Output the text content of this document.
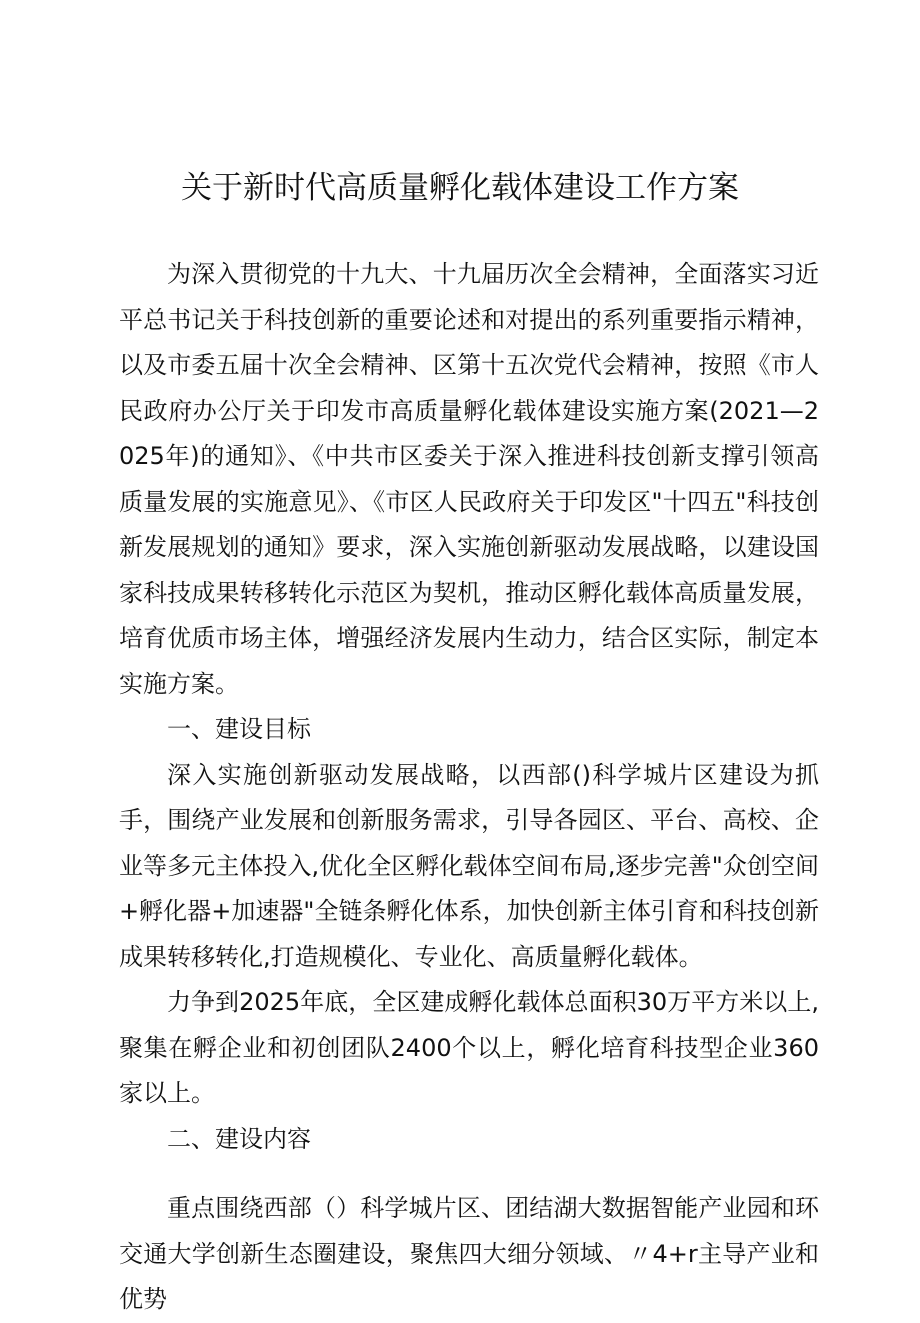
关于新时代高质量孵化载体建设工作方案

为深入贯彻党的十九大、十九届历次全会精神，全面落实习近平总书记关于科技创新的重要论述和对提出的系列重要指示精神，以及市委五届十次全会精神、区第十五次党代会精神，按照《市人民政府办公厅关于印发市高质量孵化载体建设实施方案(2021—2025年)的通知》、《中共市区委关于深入推进科技创新支撑引领高质量发展的实施意见》、《市区人民政府关于印发区"十四五"科技创新发展规划的通知》要求，深入实施创新驱动发展战略，以建设国家科技成果转移转化示范区为契机，推动区孵化载体高质量发展，培育优质市场主体，增强经济发展内生动力，结合区实际，制定本实施方案。

一、建设目标

深入实施创新驱动发展战略，以西部()科学城片区建设为抓手，围绕产业发展和创新服务需求，引导各园区、平台、高校、企业等多元主体投入,优化全区孵化载体空间布局,逐步完善"众创空间+孵化器+加速器"全链条孵化体系，加快创新主体引育和科技创新成果转移转化,打造规模化、专业化、高质量孵化载体。

力争到2025年底，全区建成孵化载体总面积30万平方米以上,聚集在孵企业和初创团队2400个以上，孵化培育科技型企业360家以上。

二、建设内容

重点围绕西部（）科学城片区、团结湖大数据智能产业园和环交通大学创新生态圈建设，聚焦四大细分领域、〃4+r主导产业和优势
